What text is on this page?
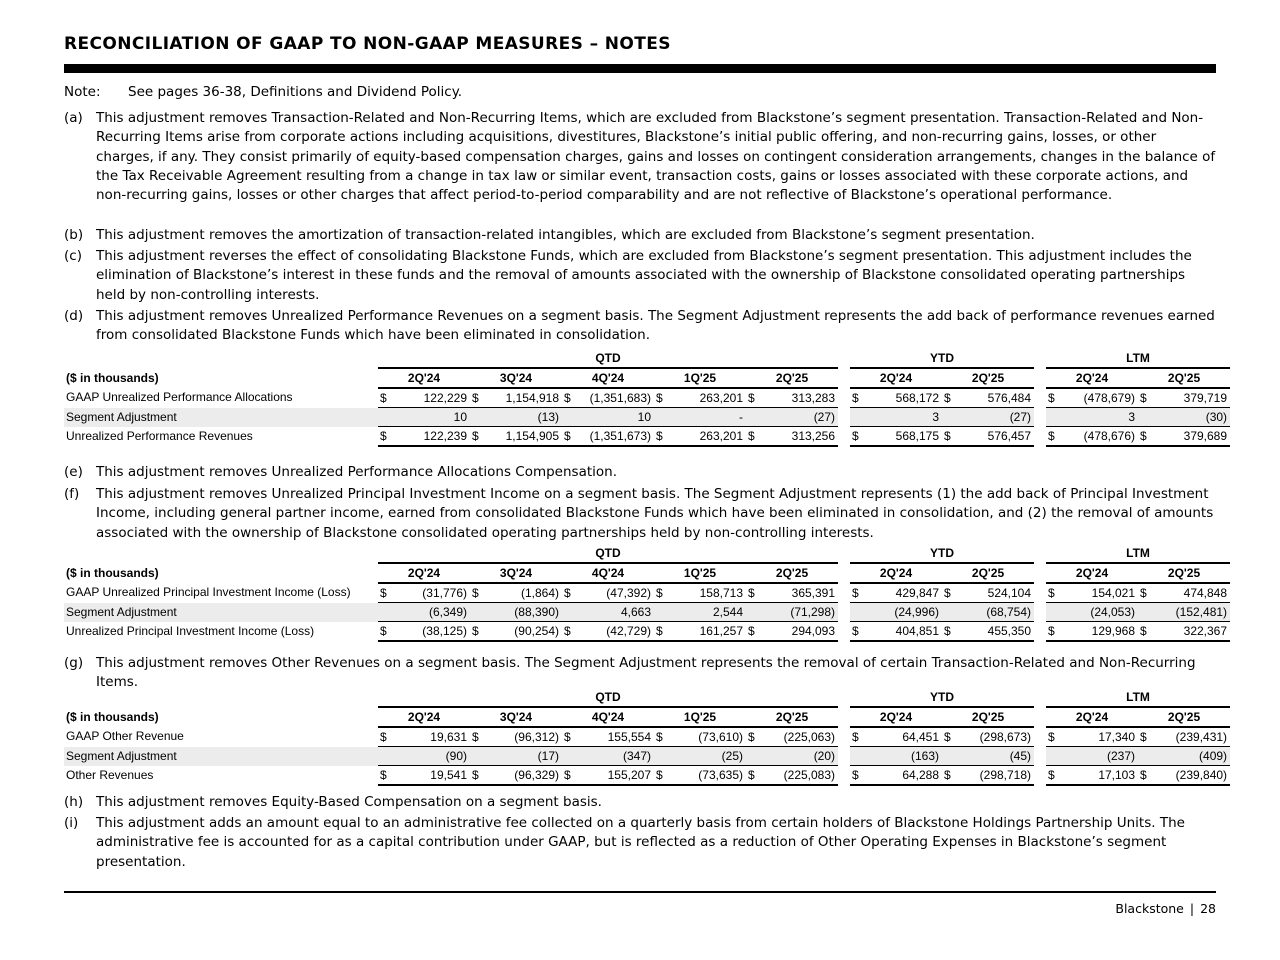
RECONCILIATION OF GAAP TO NON-GAAP MEASURES – NOTES
Note: See pages 36-38, Definitions and Dividend Policy.
(a) This adjustment removes Transaction-Related and Non-Recurring Items, which are excluded from Blackstone’s segment presentation. Transaction-Related and Non-Recurring Items arise from corporate actions including acquisitions, divestitures, Blackstone’s initial public offering, and non-recurring gains, losses, or other charges, if any. They consist primarily of equity-based compensation charges, gains and losses on contingent consideration arrangements, changes in the balance of the Tax Receivable Agreement resulting from a change in tax law or similar event, transaction costs, gains or losses associated with these corporate actions, and non-recurring gains, losses or other charges that affect period-to-period comparability and are not reflective of Blackstone’s operational performance.
(b) This adjustment removes the amortization of transaction-related intangibles, which are excluded from Blackstone’s segment presentation.
(c) This adjustment reverses the effect of consolidating Blackstone Funds, which are excluded from Blackstone’s segment presentation. This adjustment includes the elimination of Blackstone’s interest in these funds and the removal of amounts associated with the ownership of Blackstone consolidated operating partnerships held by non-controlling interests.
(d) This adjustment removes Unrealized Performance Revenues on a segment basis. The Segment Adjustment represents the add back of performance revenues earned from consolidated Blackstone Funds which have been eliminated in consolidation.
	QTD											YTD					LTM			
($ in thousands)	2Q'24		3Q'24		4Q'24		1Q'25		2Q'25			2Q'24		2Q'25			2Q'24		2Q'25	
GAAP Unrealized Performance Allocations	$	122,229	$	1,154,918	$	(1,351,683)	$	263,201	$	313,283		$	568,172	$	576,484		$	(478,679)	$	379,719
Segment Adjustment		10		(13)		10		-		(27)			3		(27)			3		(30)
Unrealized Performance Revenues	$	122,239	$	1,154,905	$	(1,351,673)	$	263,201	$	313,256		$	568,175	$	576,457		$	(478,676)	$	379,689
(e) This adjustment removes Unrealized Performance Allocations Compensation.
(f) This adjustment removes Unrealized Principal Investment Income on a segment basis. The Segment Adjustment represents (1) the add back of Principal Investment Income, including general partner income, earned from consolidated Blackstone Funds which have been eliminated in consolidation, and (2) the removal of amounts associated with the ownership of Blackstone consolidated operating partnerships held by non-controlling interests.
	QTD											YTD					LTM			
($ in thousands)	2Q'24		3Q'24		4Q'24		1Q'25		2Q'25			2Q'24		2Q'25			2Q'24		2Q'25	
GAAP Unrealized Principal Investment Income (Loss)	$	(31,776)	$	(1,864)	$	(47,392)	$	158,713	$	365,391		$	429,847	$	524,104		$	154,021	$	474,848
Segment Adjustment		(6,349)		(88,390)		4,663		2,544		(71,298)			(24,996)		(68,754)			(24,053)		(152,481)
Unrealized Principal Investment Income (Loss)	$	(38,125)	$	(90,254)	$	(42,729)	$	161,257	$	294,093		$	404,851	$	455,350		$	129,968	$	322,367
(g) This adjustment removes Other Revenues on a segment basis. The Segment Adjustment represents the removal of certain Transaction-Related and Non-Recurring Items.
	QTD											YTD					LTM			
($ in thousands)	2Q'24		3Q'24		4Q'24		1Q'25		2Q'25			2Q'24		2Q'25			2Q'24		2Q'25	
GAAP Other Revenue	$	19,631	$	(96,312)	$	155,554	$	(73,610)	$	(225,063)		$	64,451	$	(298,673)		$	17,340	$	(239,431)
Segment Adjustment		(90)		(17)		(347)		(25)		(20)			(163)		(45)			(237)		(409)
Other Revenues	$	19,541	$	(96,329)	$	155,207	$	(73,635)	$	(225,083)		$	64,288	$	(298,718)		$	17,103	$	(239,840)
(h) This adjustment removes Equity-Based Compensation on a segment basis.
(i) This adjustment adds an amount equal to an administrative fee collected on a quarterly basis from certain holders of Blackstone Holdings Partnership Units. The administrative fee is accounted for as a capital contribution under GAAP, but is reflected as a reduction of Other Operating Expenses in Blackstone’s segment presentation.
Blackstone | 28
